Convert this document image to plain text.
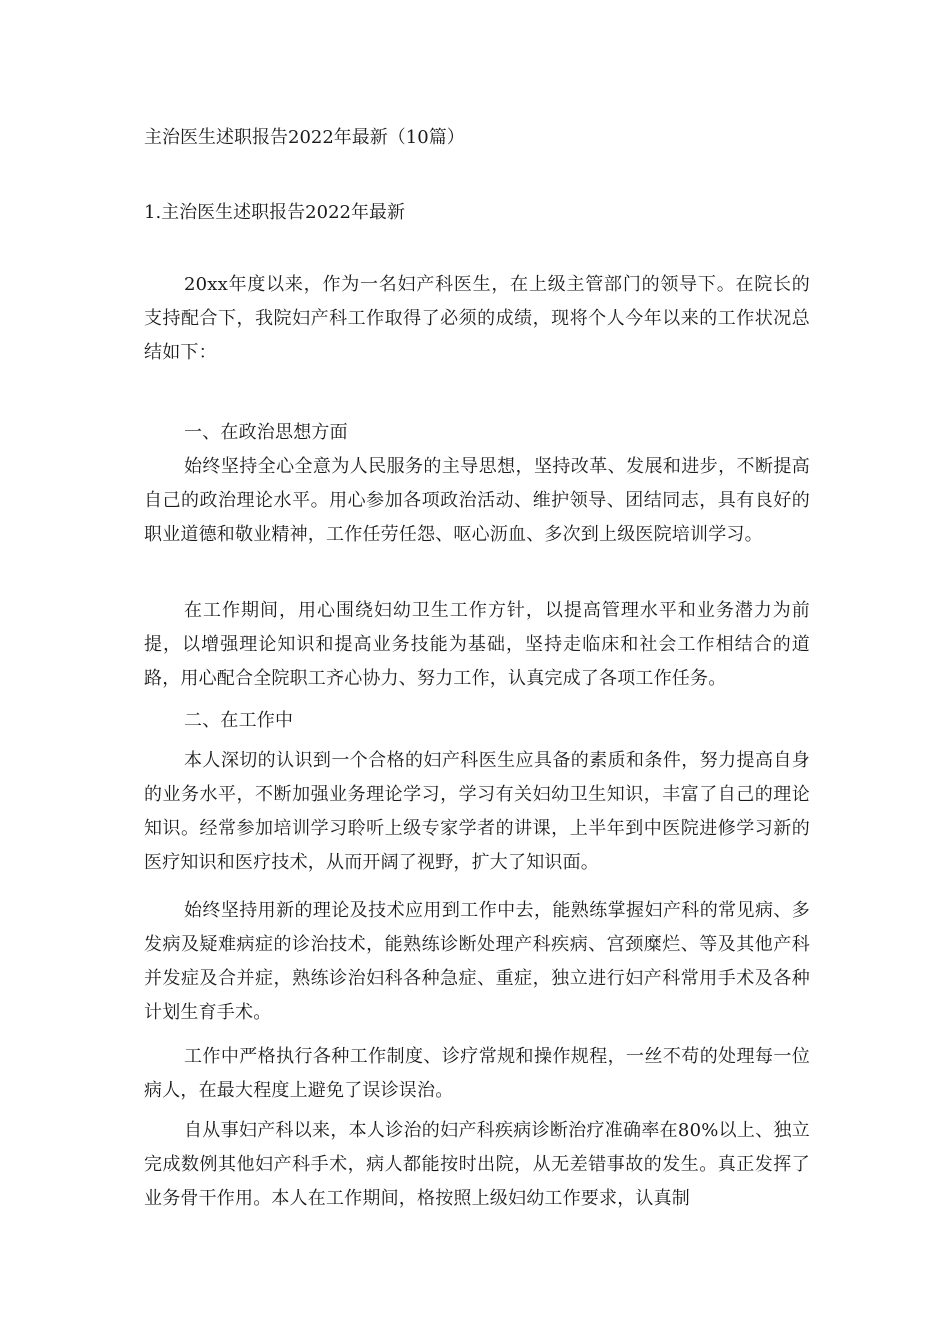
主治医生述职报告2022年最新（10篇）
1.主治医生述职报告2022年最新

20xx年度以来，作为一名妇产科医生，在上级主管部门的领导下。在院长的支持配合下，我院妇产科工作取得了必须的成绩，现将个人今年以来的工作状况总结如下：

一、在政治思想方面

始终坚持全心全意为人民服务的主导思想，坚持改革、发展和进步，不断提高自己的政治理论水平。用心参加各项政治活动、维护领导、团结同志，具有良好的职业道德和敬业精神，工作任劳任怨、呕心沥血、多次到上级医院培训学习。

在工作期间，用心围绕妇幼卫生工作方针，以提高管理水平和业务潜力为前提，以增强理论知识和提高业务技能为基础，坚持走临床和社会工作相结合的道路，用心配合全院职工齐心协力、努力工作，认真完成了各项工作任务。

二、在工作中

本人深切的认识到一个合格的妇产科医生应具备的素质和条件，努力提高自身的业务水平，不断加强业务理论学习，学习有关妇幼卫生知识，丰富了自己的理论知识。经常参加培训学习聆听上级专家学者的讲课，上半年到中医院进修学习新的医疗知识和医疗技术，从而开阔了视野，扩大了知识面。

始终坚持用新的理论及技术应用到工作中去，能熟练掌握妇产科的常见病、多发病及疑难病症的诊治技术，能熟练诊断处理产科疾病、宫颈糜烂、等及其他产科并发症及合并症，熟练诊治妇科各种急症、重症，独立进行妇产科常用手术及各种计划生育手术。

工作中严格执行各种工作制度、诊疗常规和操作规程，一丝不苟的处理每一位病人，在最大程度上避免了误诊误治。

自从事妇产科以来，本人诊治的妇产科疾病诊断治疗准确率在80%以上、独立完成数例其他妇产科手术，病人都能按时出院，从无差错事故的发生。真正发挥了业务骨干作用。本人在工作期间，格按照上级妇幼工作要求，认真制
